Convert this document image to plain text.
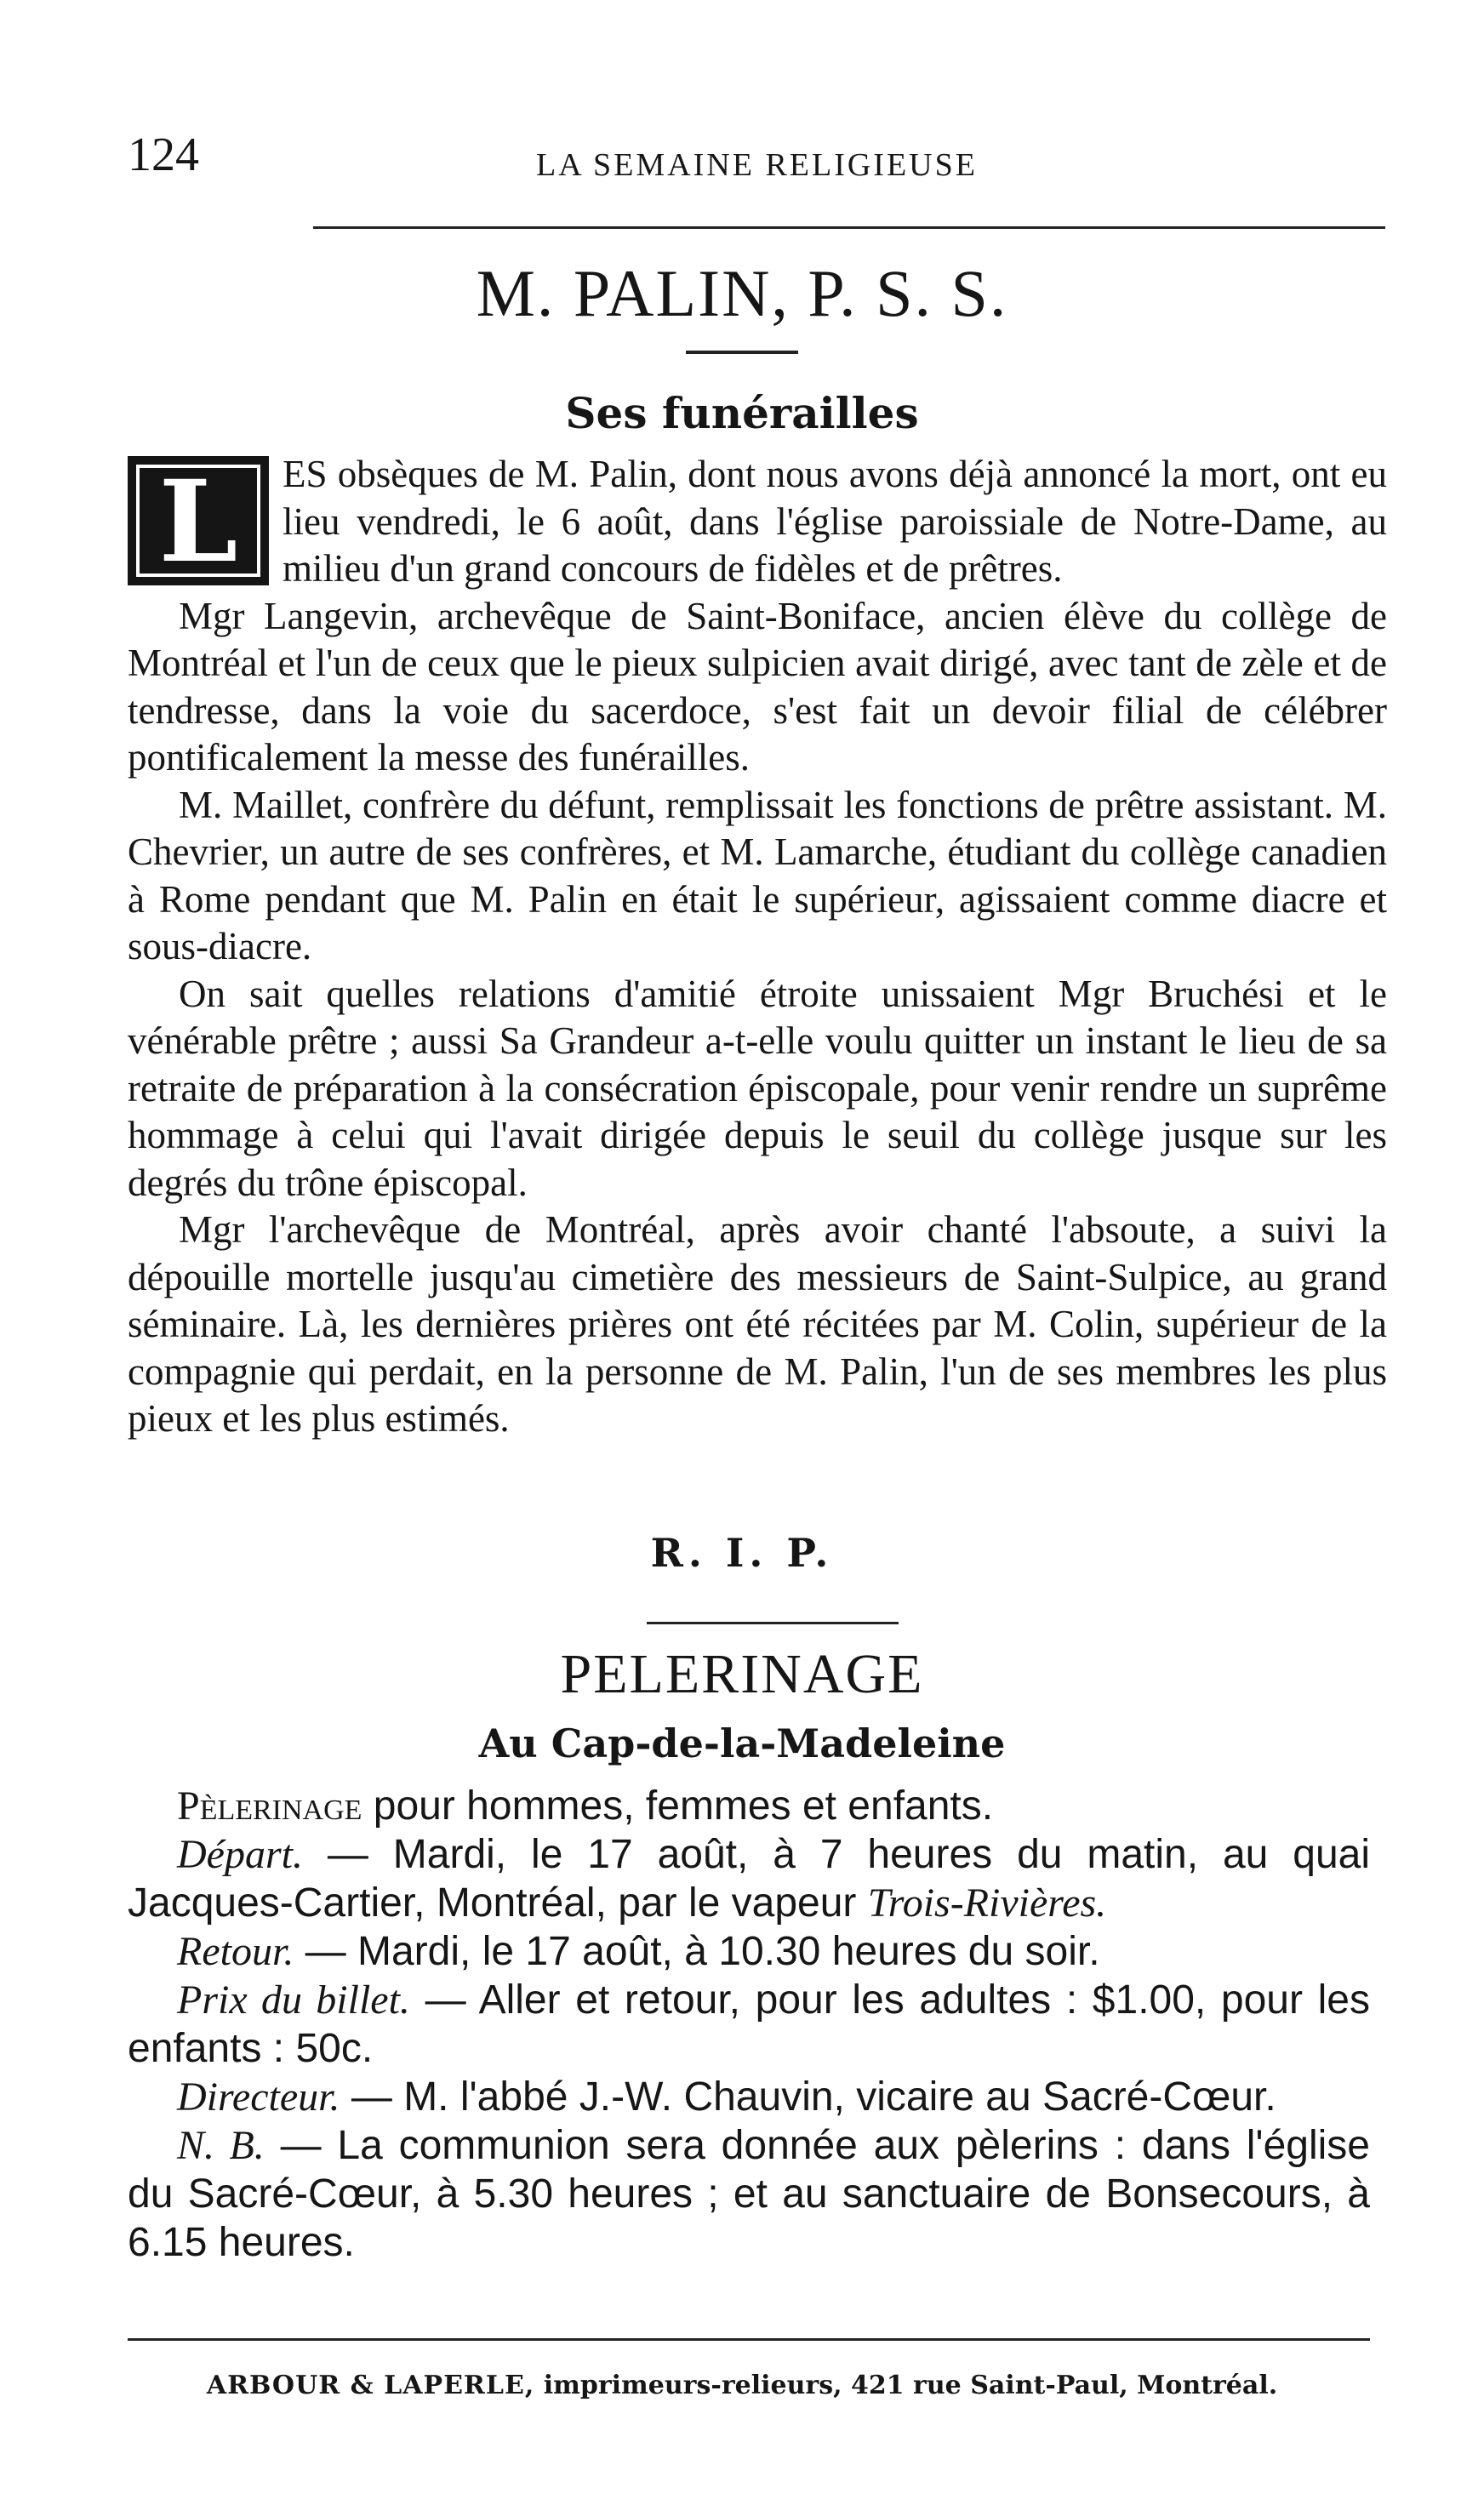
124	LA SEMAINE RELIGIEUSE
M. PALIN, P. S. S.
Ses funérailles

L	ES obsèques de M. Palin, dont nous avons déjà annoncé la mort, ont eu lieu vendredi, le 6 août, dans l'église paroissiale de Notre-Dame, au milieu d'un grand concours de fidèles et de prêtres.

Mgr Langevin, archevêque de Saint-Boniface, ancien élève du collège de Montréal et l'un de ceux que le pieux sulpicien avait dirigé, avec tant de zèle et de tendresse, dans la voie du sacerdoce, s'est fait un devoir filial de célébrer pontificalement la messe des funérailles.

M. Maillet, confrère du défunt, remplissait les fonctions de prêtre assistant. M. Chevrier, un autre de ses confrères, et M. Lamarche, étudiant du collège canadien à Rome pendant que M. Palin en était le supérieur, agissaient comme diacre et sous-diacre.

On sait quelles relations d'amitié étroite unissaient Mgr Bruchési et le vénérable prêtre ; aussi Sa Grandeur a-t-elle voulu quitter un instant le lieu de sa retraite de préparation à la consécration épiscopale, pour venir rendre un suprême hommage à celui qui l'avait dirigée depuis le seuil du collège jusque sur les degrés du trône épiscopal.

Mgr l'archevêque de Montréal, après avoir chanté l'absoute, a suivi la dépouille mortelle jusqu'au cimetière des messieurs de Saint-Sulpice, au grand séminaire. Là, les dernières prières ont été récitées par M. Colin, supérieur de la compagnie qui perdait, en la personne de M. Palin, l'un de ses membres les plus pieux et les plus estimés.

R. I. P.
PELERINAGE
Au Cap-de-la-Madeleine

Pèlerinage pour hommes, femmes et enfants.

Départ. — Mardi, le 17 août, à 7 heures du matin, au quai Jacques-Cartier, Montréal, par le vapeur Trois-Rivières.

Retour. — Mardi, le 17 août, à 10.30 heures du soir.

Prix du billet. — Aller et retour, pour les adultes : $1.00, pour les enfants : 50c.

Directeur. — M. l'abbé J.-W. Chauvin, vicaire au Sacré-Cœur.

N. B. — La communion sera donnée aux pèlerins : dans l'église du Sacré-Cœur, à 5.30 heures ; et au sanctuaire de Bonsecours, à 6.15 heures.

ARBOUR & LAPERLE, imprimeurs-relieurs, 421 rue Saint-Paul, Montréal.
